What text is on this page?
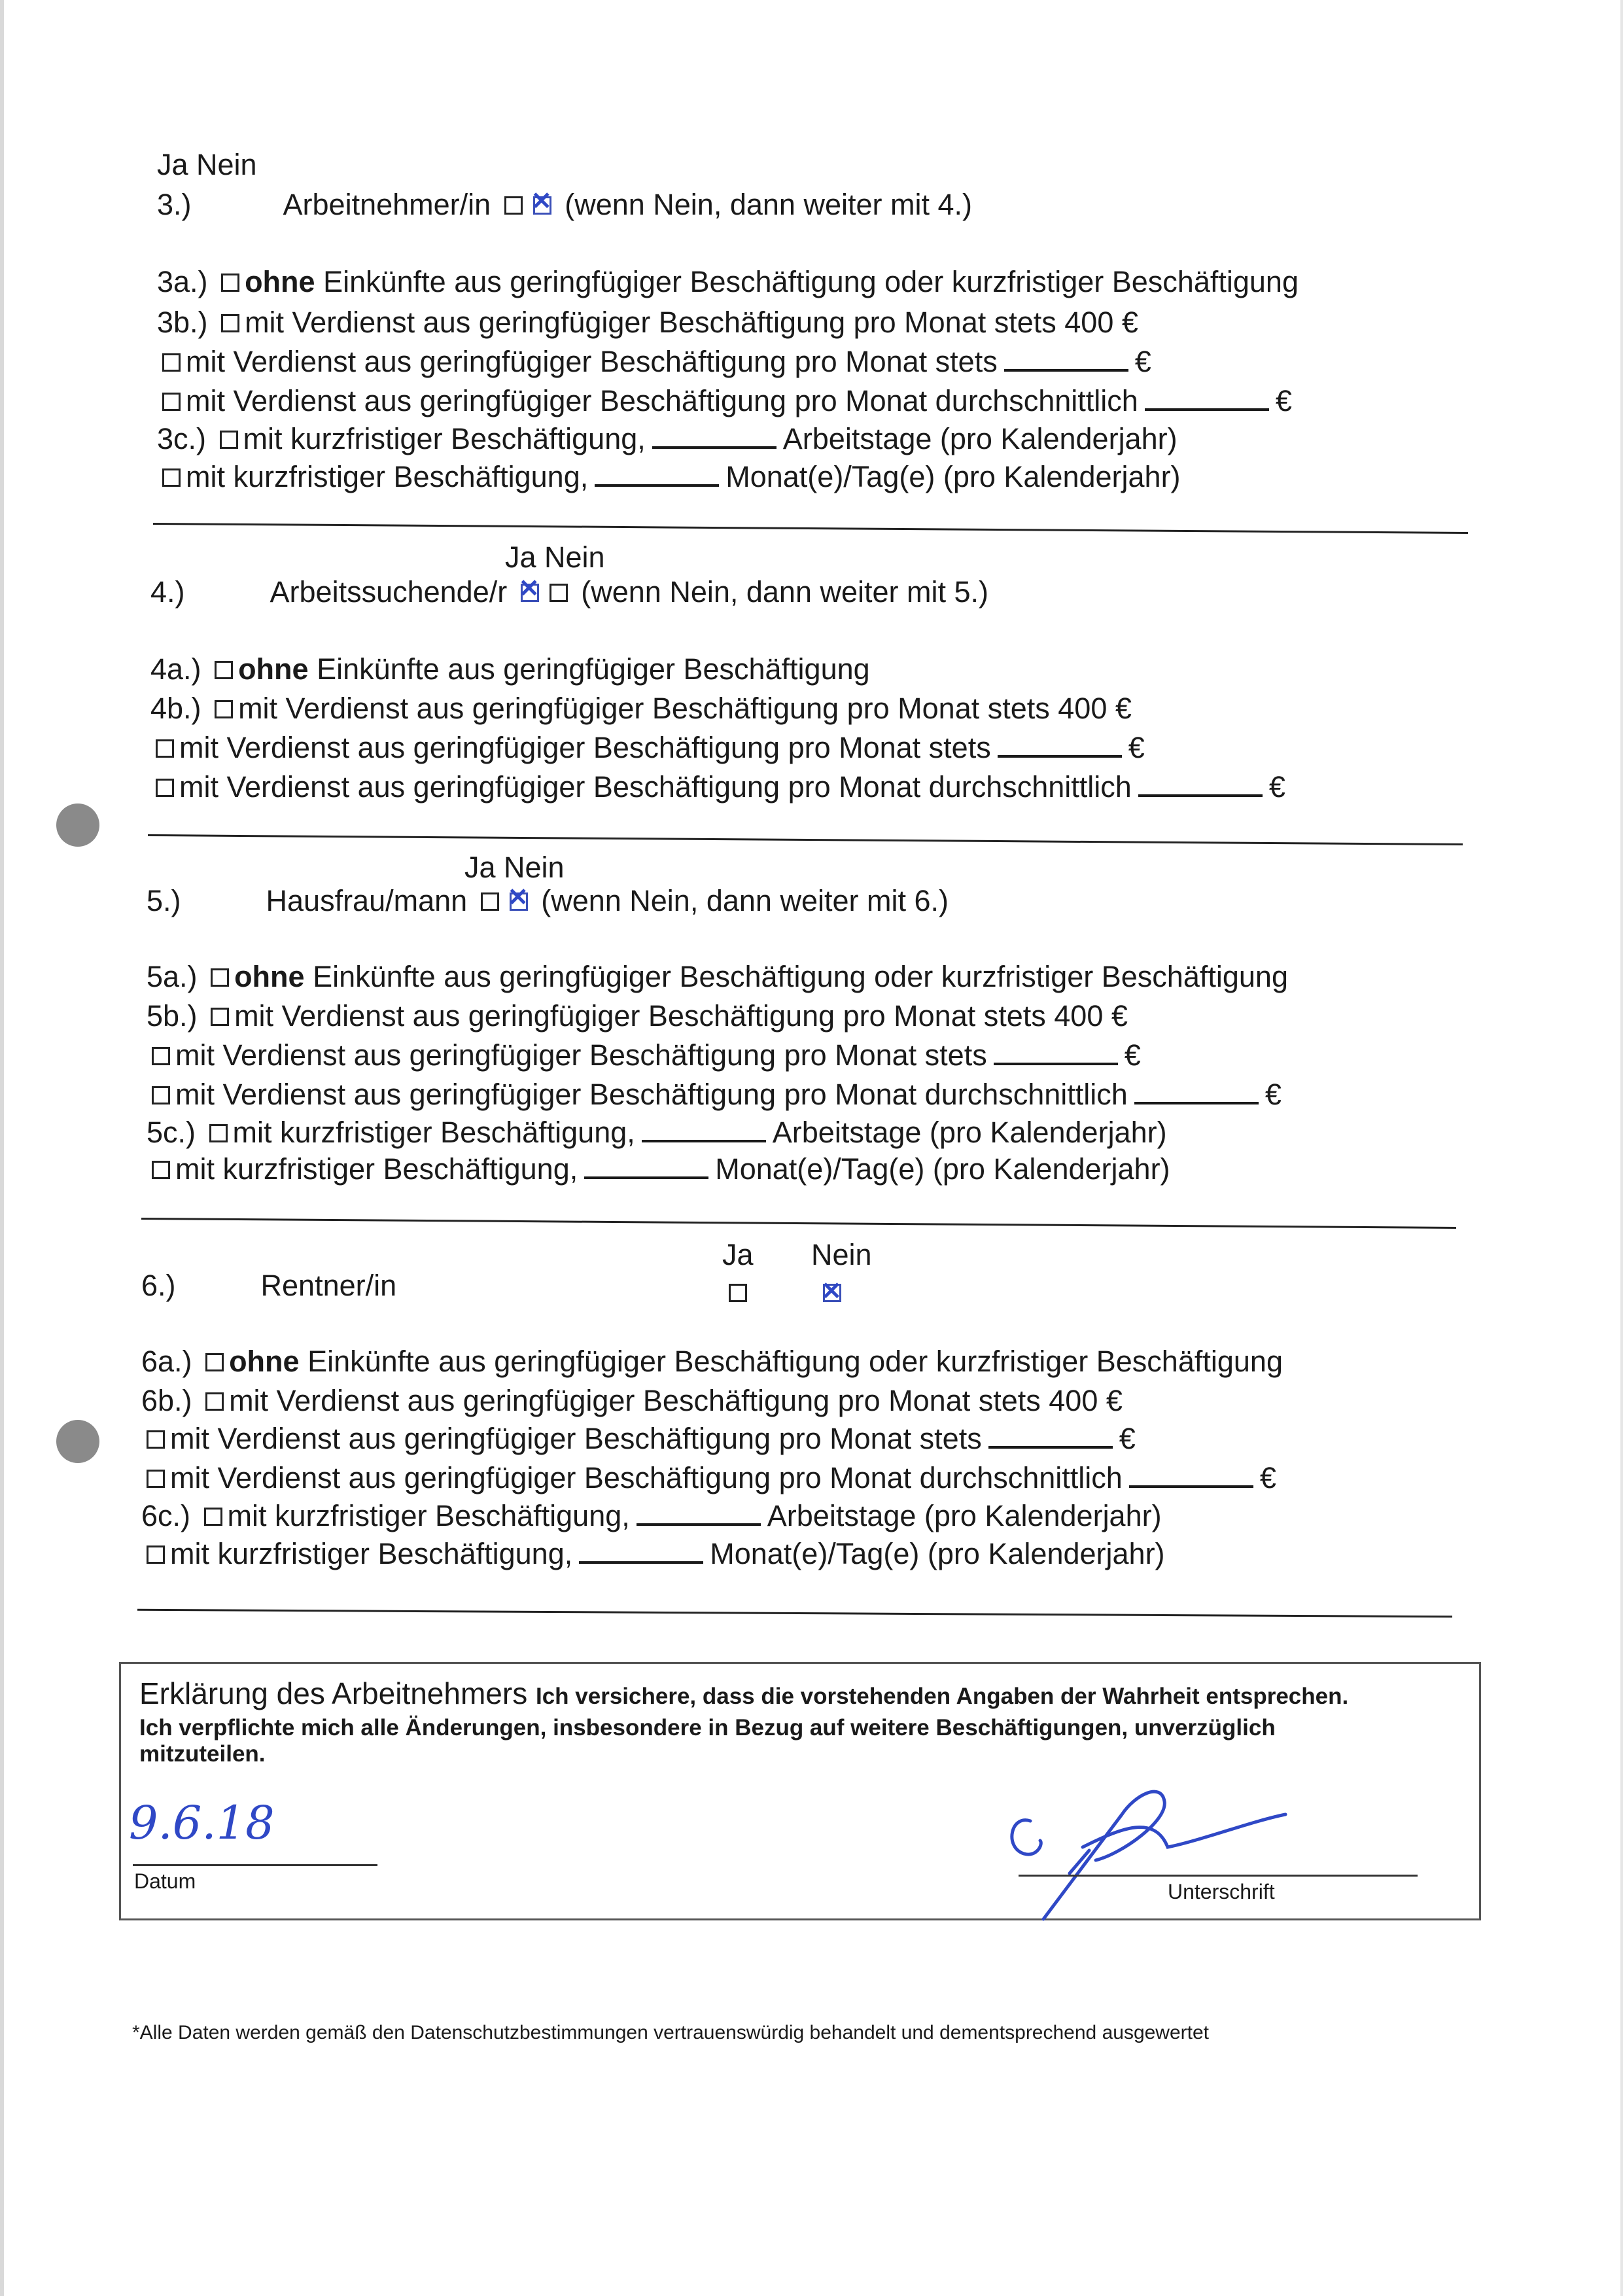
Ja Nein
3.)	Arbeitnehmer/in ✕	(wenn Nein, dann weiter mit 4.)
3a.) ohne Einkünfte aus geringfügiger Beschäftigung oder kurzfristiger Beschäftigung
3b.) mit Verdienst aus geringfügiger Beschäftigung pro Monat stets 400 €
mit Verdienst aus geringfügiger Beschäftigung pro Monat stets	€
mit Verdienst aus geringfügiger Beschäftigung pro Monat durchschnittlich	€
3c.) mit kurzfristiger Beschäftigung,	Arbeitstage (pro Kalenderjahr)
mit kurzfristiger Beschäftigung,	Monat(e)/Tag(e) (pro Kalenderjahr)
Ja Nein
4.)	Arbeitssuchende/r ✕	(wenn Nein, dann weiter mit 5.)
4a.) ohne Einkünfte aus geringfügiger Beschäftigung
4b.) mit Verdienst aus geringfügiger Beschäftigung pro Monat stets 400 €
mit Verdienst aus geringfügiger Beschäftigung pro Monat stets	€
mit Verdienst aus geringfügiger Beschäftigung pro Monat durchschnittlich	€
Ja Nein
5.)	Hausfrau/mann ✕	(wenn Nein, dann weiter mit 6.)
5a.) ohne Einkünfte aus geringfügiger Beschäftigung oder kurzfristiger Beschäftigung
5b.) mit Verdienst aus geringfügiger Beschäftigung pro Monat stets 400 €
mit Verdienst aus geringfügiger Beschäftigung pro Monat stets	€
mit Verdienst aus geringfügiger Beschäftigung pro Monat durchschnittlich	€
5c.) mit kurzfristiger Beschäftigung,	Arbeitstage (pro Kalenderjahr)
mit kurzfristiger Beschäftigung,	Monat(e)/Tag(e) (pro Kalenderjahr)
Ja Nein
6.)	Rentner/in
✕
6a.) ohne Einkünfte aus geringfügiger Beschäftigung oder kurzfristiger Beschäftigung
6b.) mit Verdienst aus geringfügiger Beschäftigung pro Monat stets 400 €
mit Verdienst aus geringfügiger Beschäftigung pro Monat stets	€
mit Verdienst aus geringfügiger Beschäftigung pro Monat durchschnittlich	€
6c.) mit kurzfristiger Beschäftigung,	Arbeitstage (pro Kalenderjahr)
mit kurzfristiger Beschäftigung,	Monat(e)/Tag(e) (pro Kalenderjahr)
Erklärung des Arbeitnehmers Ich versichere, dass die vorstehenden Angaben der Wahrheit entsprechen.
Ich verpflichte mich alle Änderungen, insbesondere in Bezug auf weitere Beschäftigungen, unverzüglich
mitzuteilen.
9.6.18
Datum	Unterschrift
*Alle Daten werden gemäß den Datenschutzbestimmungen vertrauenswürdig behandelt und dementsprechend ausgewertet
